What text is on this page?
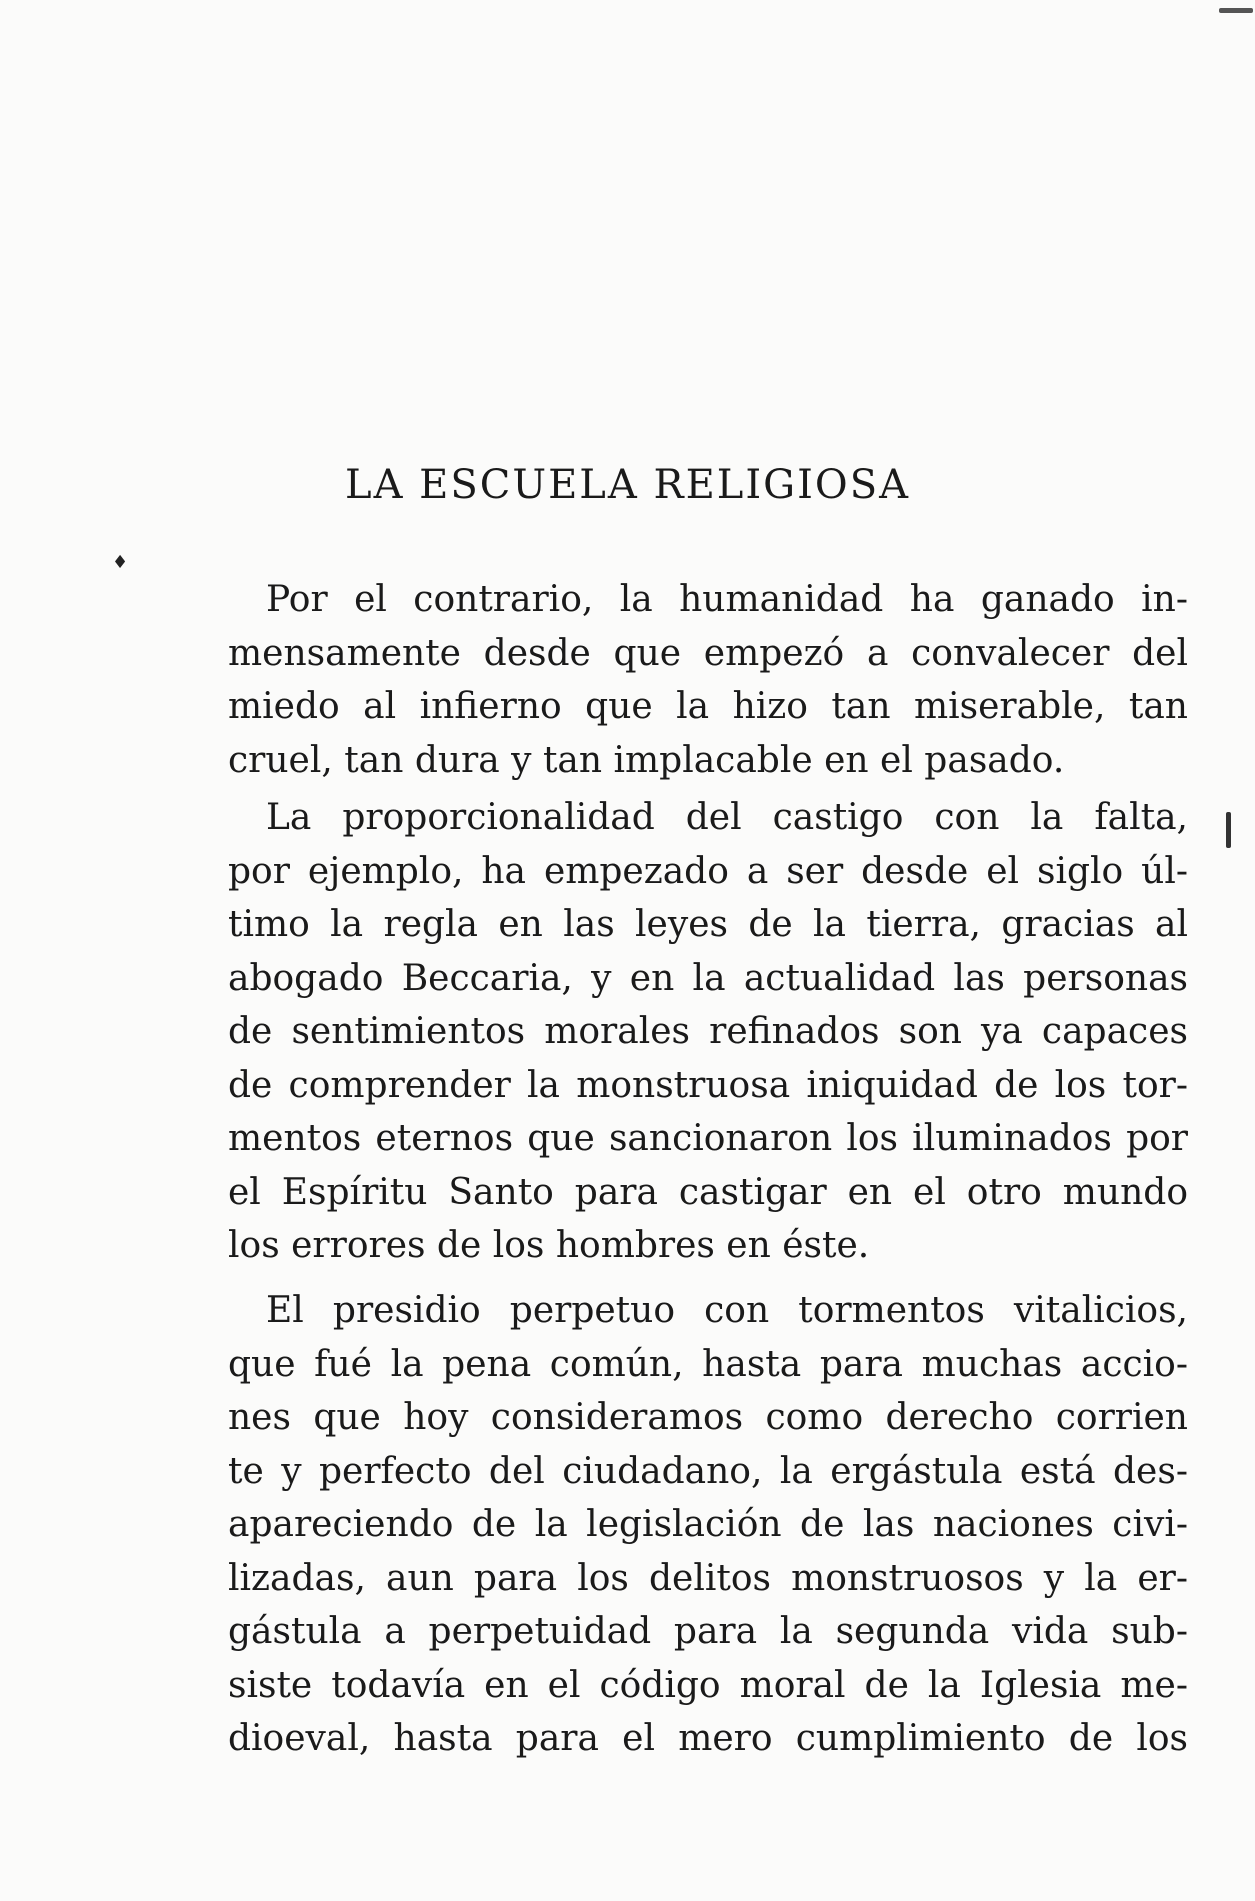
LA ESCUELA RELIGIOSA
♦
Por el contrario, la humanidad ha ganado in-
mensamente desde que empezó a convalecer del
miedo al infierno que la hizo tan miserable, tan
cruel, tan dura y tan implacable en el pasado.
La proporcionalidad del castigo con la falta,
por ejemplo, ha empezado a ser desde el siglo úl-
timo la regla en las leyes de la tierra, gracias al
abogado Beccaria, y en la actualidad las personas
de sentimientos morales refinados son ya capaces
de comprender la monstruosa iniquidad de los tor-
mentos eternos que sancionaron los iluminados por
el Espíritu Santo para castigar en el otro mundo
los errores de los hombres en éste.
El presidio perpetuo con tormentos vitalicios,
que fué la pena común, hasta para muchas accio-
nes que hoy consideramos como derecho corrien
te y perfecto del ciudadano, la ergástula está des-
apareciendo de la legislación de las naciones civi-
lizadas, aun para los delitos monstruosos y la er-
gástula a perpetuidad para la segunda vida sub-
siste todavía en el código moral de la Iglesia me-
dioeval, hasta para el mero cumplimiento de los
